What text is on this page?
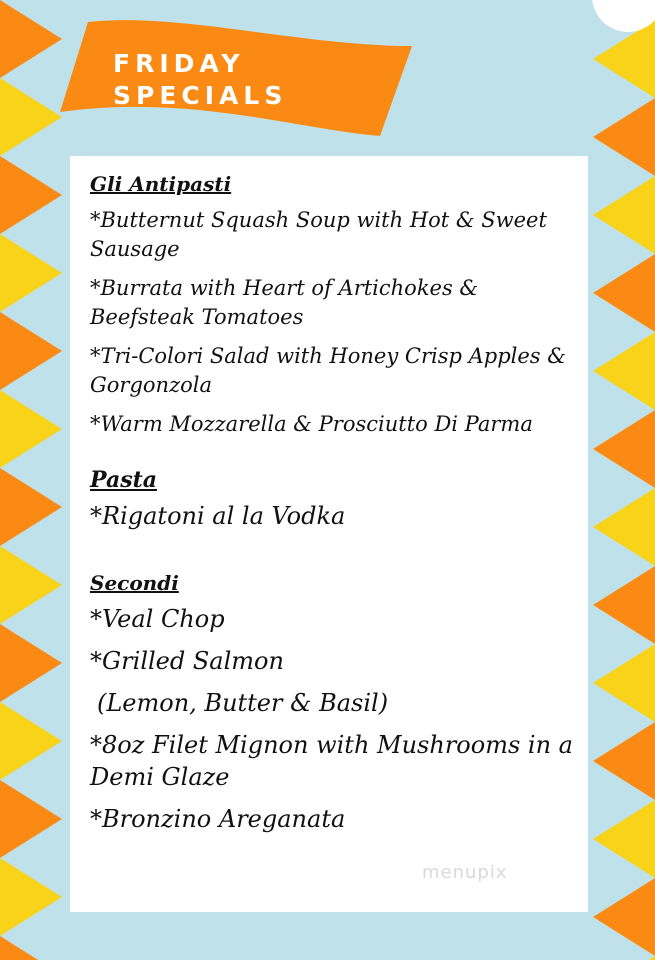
FRIDAY
SPECIALS

Gli Antipasti

*Butternut Squash Soup with Hot & Sweet Sausage

*Burrata with Heart of Artichokes & Beefsteak Tomatoes

*Tri-Colori Salad with Honey Crisp Apples & Gorgonzola

*Warm Mozzarella & Prosciutto Di Parma

Pasta

*Rigatoni al la Vodka

Secondi

*Veal Chop

*Grilled Salmon

(Lemon, Butter & Basil)

*8oz Filet Mignon with Mushrooms in a Demi Glaze

*Bronzino Areganata

menupix
